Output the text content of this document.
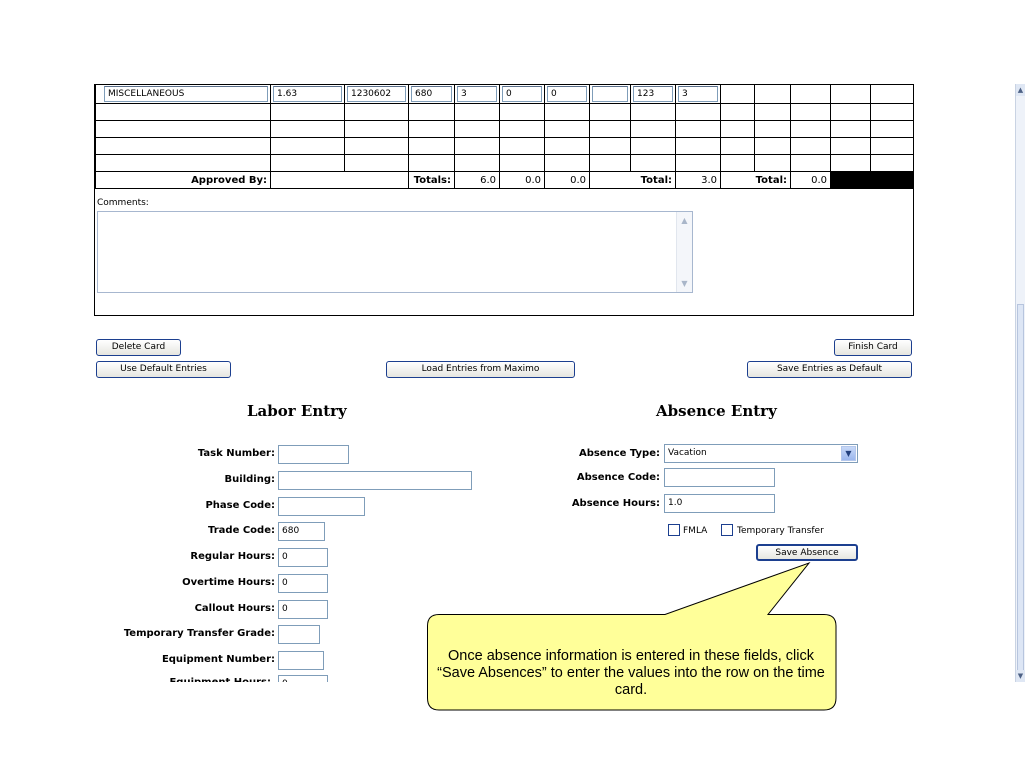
▲
▼
MISCELLANEOUS	1.63	1230602	680	3	0	0		123	3					

Approved By:			Totals:	6.0	0.0	0.0	Total:		3.0	Total:		0.0		
Comments:
▲
▼
Delete Card	Finish Card
Use Default Entries	Load Entries from Maximo	Save Entries as Default
Labor Entry
Task Number:
Building:
Phase Code:
Trade Code: 680
Regular Hours: 0
Overtime Hours: 0
Callout Hours: 0
Temporary Transfer Grade:
Equipment Number:
Absence Entry
Absence Type: Vacation	▼
Absence Code:
Absence Hours: 1.0
FMLA	Temporary Transfer
Save Absence
Once absence information is entered in these fields, click “Save Absences” to enter the values into the row on the time card.
